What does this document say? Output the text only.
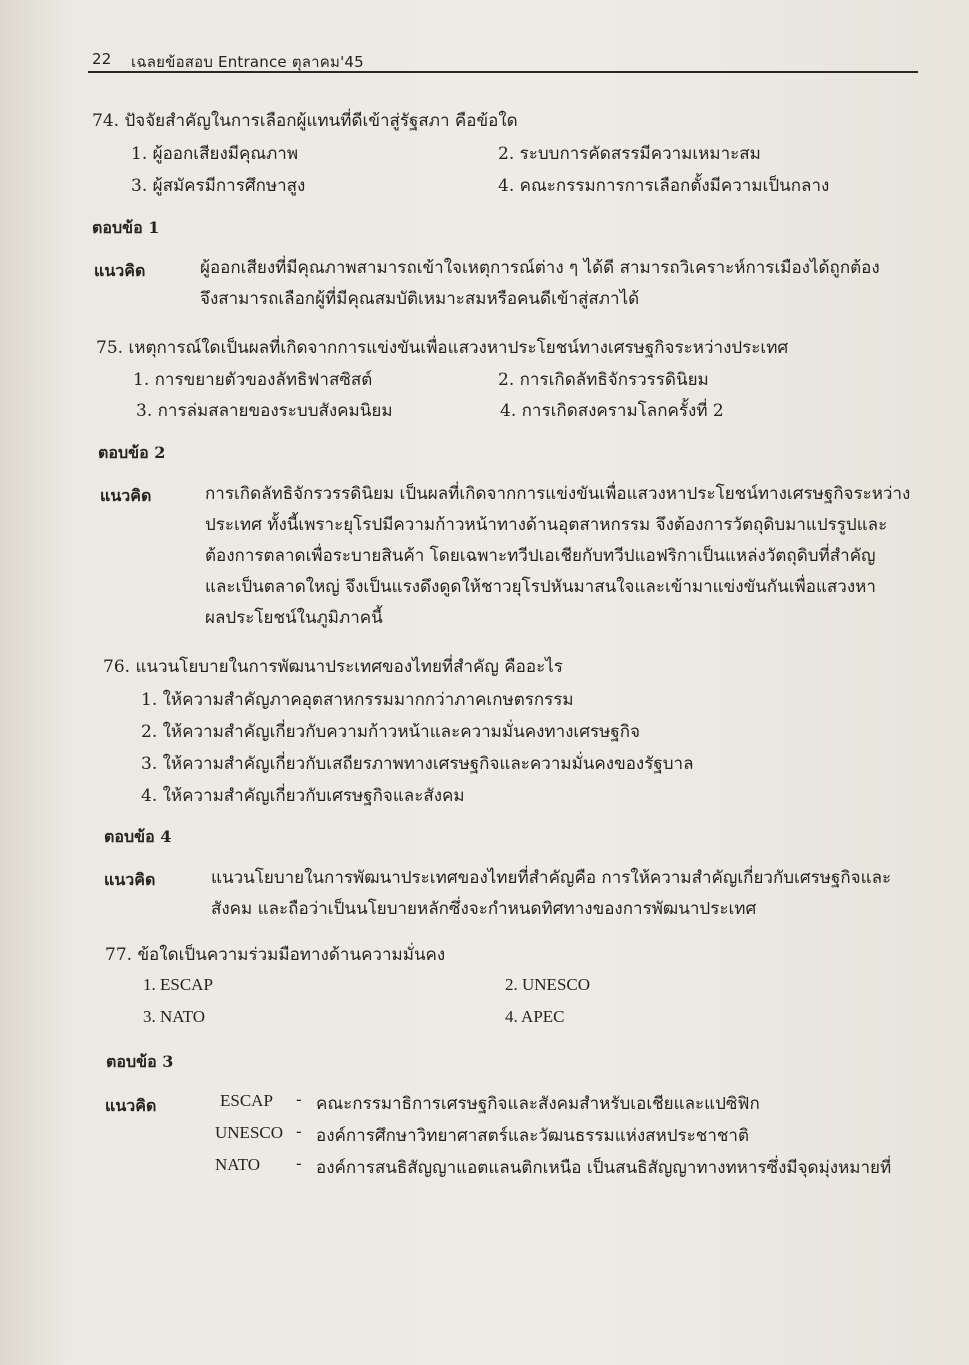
22 เฉลยข้อสอบ Entrance ตุลาคม'45
74. ปัจจัยสำคัญในการเลือกผู้แทนที่ดีเข้าสู่รัฐสภา คือข้อใด
1. ผู้ออกเสียงมีคุณภาพ	2. ระบบการคัดสรรมีความเหมาะสม
3. ผู้สมัครมีการศึกษาสูง	4. คณะกรรมการการเลือกตั้งมีความเป็นกลาง
ตอบข้อ 1
แนวคิด	ผู้ออกเสียงที่มีคุณภาพสามารถเข้าใจเหตุการณ์ต่าง ๆ ได้ดี สามารถวิเคราะห์การเมืองได้ถูกต้อง

จึงสามารถเลือกผู้ที่มีคุณสมบัติเหมาะสมหรือคนดีเข้าสู่สภาได้

75. เหตุการณ์ใดเป็นผลที่เกิดจากการแข่งขันเพื่อแสวงหาประโยชน์ทางเศรษฐกิจระหว่างประเทศ
1. การขยายตัวของลัทธิฟาสซิสต์	2. การเกิดลัทธิจักรวรรดินิยม
3. การล่มสลายของระบบสังคมนิยม	4. การเกิดสงครามโลกครั้งที่ 2
ตอบข้อ 2
แนวคิด	การเกิดลัทธิจักรวรรดินิยม เป็นผลที่เกิดจากการแข่งขันเพื่อแสวงหาประโยชน์ทางเศรษฐกิจระหว่าง

ประเทศ ทั้งนี้เพราะยุโรปมีความก้าวหน้าทางด้านอุตสาหกรรม จึงต้องการวัตถุดิบมาแปรรูปและ

ต้องการตลาดเพื่อระบายสินค้า โดยเฉพาะทวีปเอเชียกับทวีปแอฟริกาเป็นแหล่งวัตถุดิบที่สำคัญ

และเป็นตลาดใหญ่ จึงเป็นแรงดึงดูดให้ชาวยุโรปหันมาสนใจและเข้ามาแข่งขันกันเพื่อแสวงหา

ผลประโยชน์ในภูมิภาคนี้

76. แนวนโยบายในการพัฒนาประเทศของไทยที่สำคัญ คืออะไร
1. ให้ความสำคัญภาคอุตสาหกรรมมากกว่าภาคเกษตรกรรม
2. ให้ความสำคัญเกี่ยวกับความก้าวหน้าและความมั่นคงทางเศรษฐกิจ
3. ให้ความสำคัญเกี่ยวกับเสถียรภาพทางเศรษฐกิจและความมั่นคงของรัฐบาล
4. ให้ความสำคัญเกี่ยวกับเศรษฐกิจและสังคม
ตอบข้อ 4
แนวคิด	แนวนโยบายในการพัฒนาประเทศของไทยที่สำคัญคือ การให้ความสำคัญเกี่ยวกับเศรษฐกิจและ

สังคม และถือว่าเป็นนโยบายหลักซึ่งจะกำหนดทิศทางของการพัฒนาประเทศ

77. ข้อใดเป็นความร่วมมือทางด้านความมั่นคง
1. ESCAP	2. UNESCO
3. NATO	4. APEC
ตอบข้อ 3
แนวคิด	ESCAP - คณะกรรมาธิการเศรษฐกิจและสังคมสำหรับเอเชียและแปซิฟิก
UNESCO - องค์การศึกษาวิทยาศาสตร์และวัฒนธรรมแห่งสหประชาชาติ
NATO - องค์การสนธิสัญญาแอตแลนติกเหนือ เป็นสนธิสัญญาทางทหารซึ่งมีจุดมุ่งหมายที่
